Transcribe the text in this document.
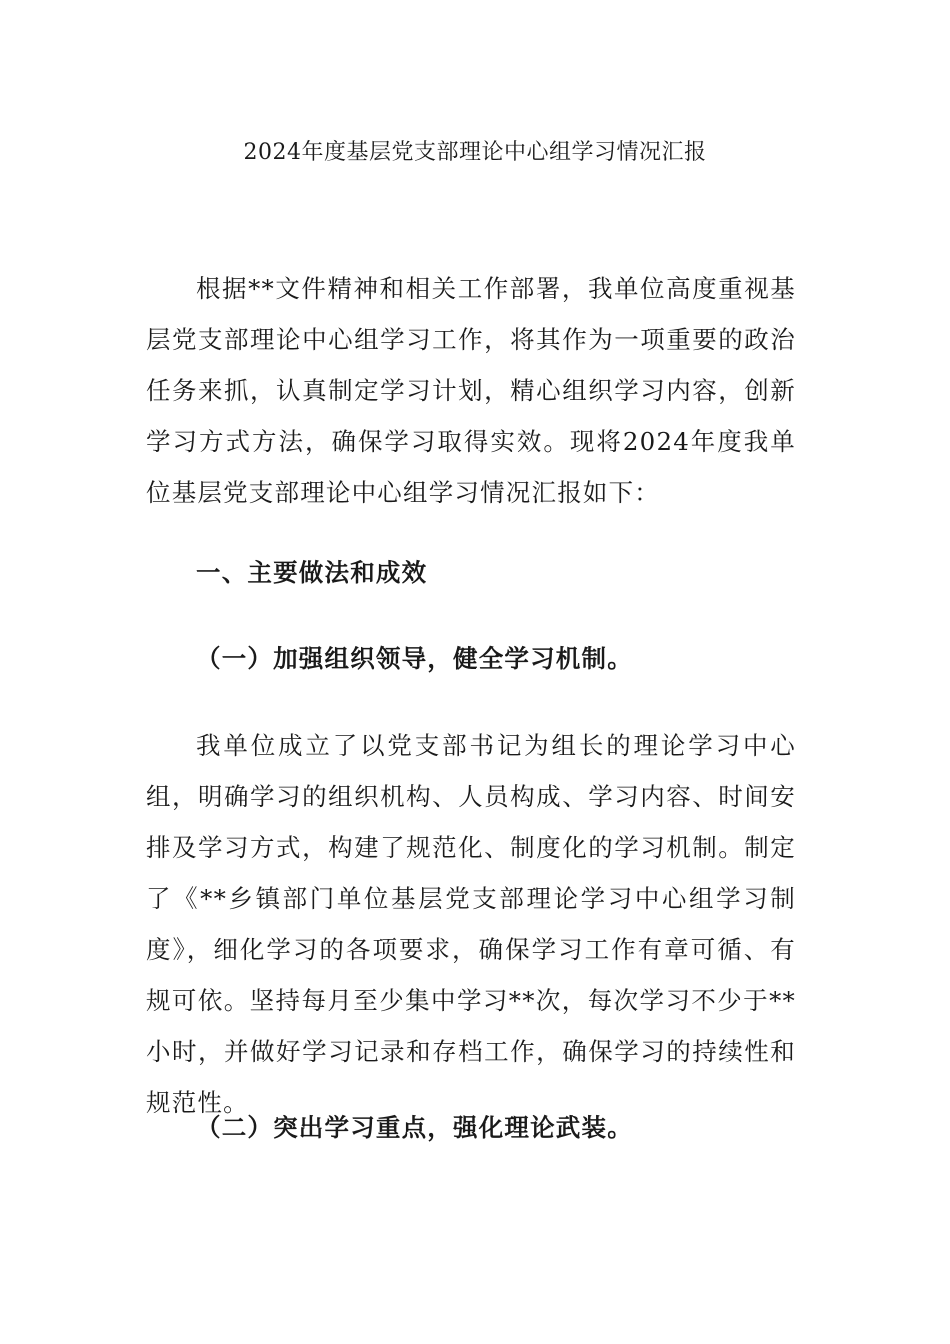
2024年度基层党支部理论中心组学习情况汇报
根据**文件精神和相关工作部署，我单位高度重视基层党支部理论中心组学习工作，将其作为一项重要的政治任务来抓，认真制定学习计划，精心组织学习内容，创新学习方式方法，确保学习取得实效。现将2024年度我单位基层党支部理论中心组学习情况汇报如下：
一、主要做法和成效
（一）加强组织领导，健全学习机制。
我单位成立了以党支部书记为组长的理论学习中心组，明确学习的组织机构、人员构成、学习内容、时间安排及学习方式，构建了规范化、制度化的学习机制。制定了《**乡镇部门单位基层党支部理论学习中心组学习制度》，细化学习的各项要求，确保学习工作有章可循、有规可依。坚持每月至少集中学习**次，每次学习不少于**小时，并做好学习记录和存档工作，确保学习的持续性和规范性。
（二）突出学习重点，强化理论武装。
